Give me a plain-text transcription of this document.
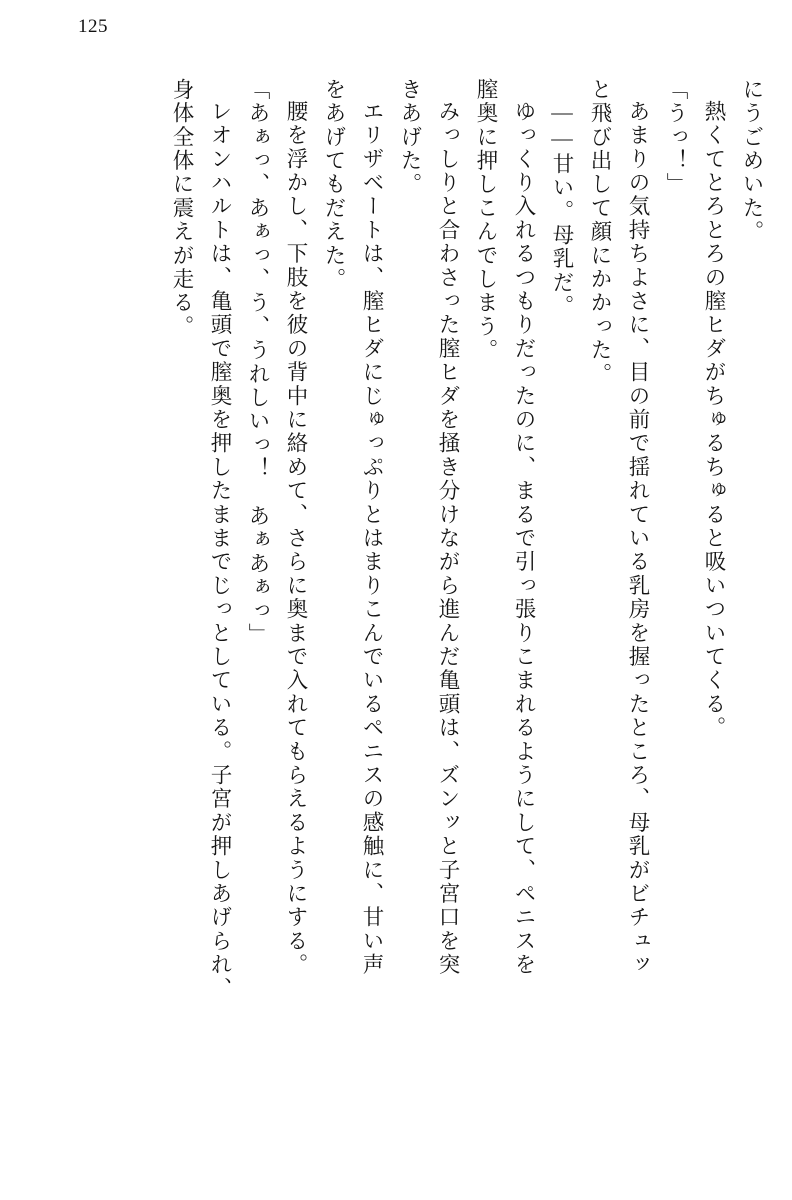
125
にうごめいた。
熱くてとろとろの膣ヒダがちゅるちゅると吸いついてくる。
「うっ！」
あまりの気持ちよさに、目の前で揺れている乳房を握ったところ、母乳がビチュッ
と飛び出して顔にかかった。
――甘い。母乳だ。
ゆっくり入れるつもりだったのに、まるで引っ張りこまれるようにして、ペニスを
膣奥に押しこんでしまう。
みっしりと合わさった膣ヒダを掻き分けながら進んだ亀頭は、ズンッと子宮口を突
きあげた。
エリザベートは、膣ヒダにじゅっぷりとはまりこんでいるペニスの感触に、甘い声
をあげてもだえた。
腰を浮かし、下肢を彼の背中に絡めて、さらに奥まで入れてもらえるようにする。
「あぁっ、あぁっ、う、うれしいっ！　あぁあぁっ」
レオンハルトは、亀頭で膣奥を押したままでじっとしている。子宮が押しあげられ、
身体全体に震えが走る。
